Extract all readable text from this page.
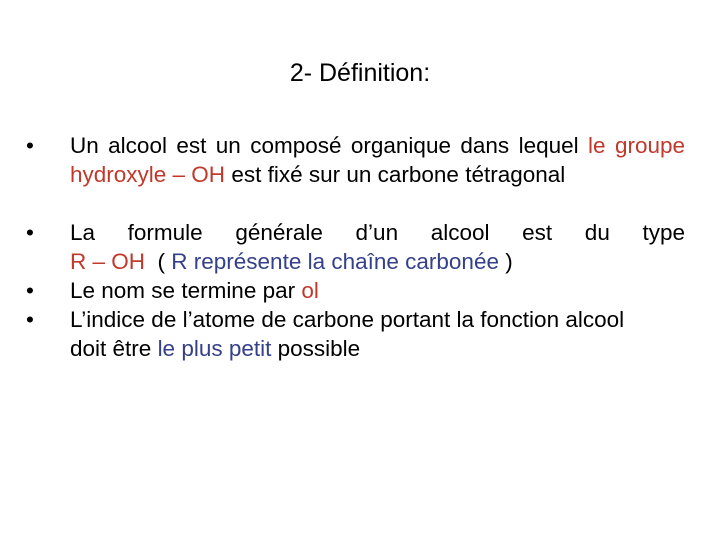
2- Définition:
•	Un alcool est un composé organique dans lequel le groupe hydroxyle – OH est fixé sur un carbone tétragonal
•	La formule générale d’un alcool est du type
R – OH  ( R représente la chaîne carbonée )
•	Le nom se termine par ol
•	L’indice de l’atome de carbone portant la fonction alcool doit être le plus petit possible
